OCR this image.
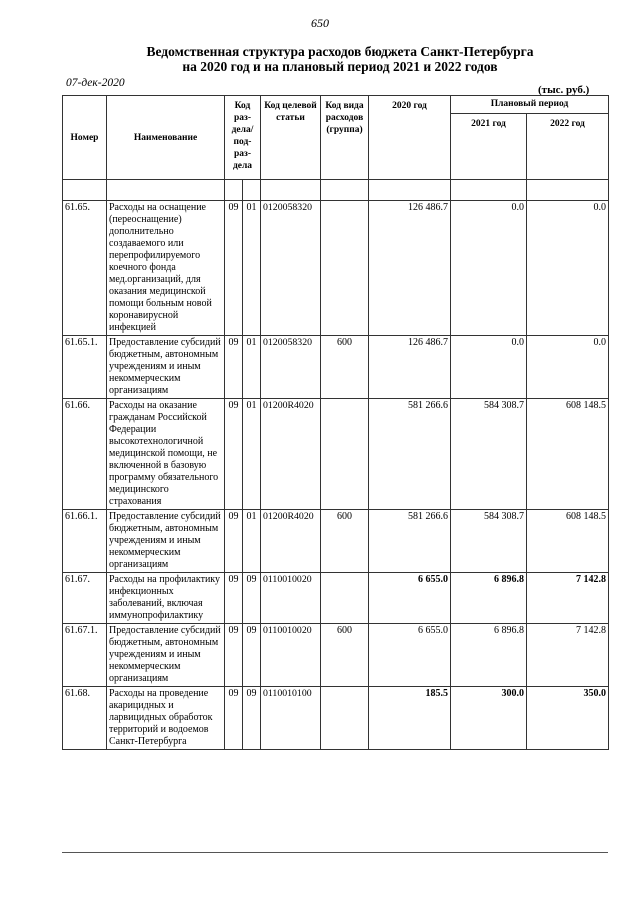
650
Ведомственная структура расходов бюджета Санкт-Петербурга
на 2020 год и на плановый период 2021 и 2022 годов
07-дек-2020
(тыс. руб.)
Номер	Наименование	Код раз-дела/ под-раз-дела		Код целевой статьи	Код вида расходов (группа)	2020 год	Плановый период	
							2021 год	2022 год

61.65.	Расходы на оснащение (переоснащение) дополнительно создаваемого или перепрофилируемого коечного фонда мед.организаций, для оказания медицинской помощи больным новой коронавирусной инфекцией	09	01	0120058320		126 486.7	0.0	0.0
61.65.1.	Предоставление субсидий бюджетным, автономным учреждениям и иным некоммерческим организациям	09	01	0120058320	600	126 486.7	0.0	0.0
61.66.	Расходы на оказание гражданам Российской Федерации высокотехнологичной медицинской помощи, не включенной в базовую программу обязательного медицинского страхования	09	01	01200R4020		581 266.6	584 308.7	608 148.5
61.66.1.	Предоставление субсидий бюджетным, автономным учреждениям и иным некоммерческим организациям	09	01	01200R4020	600	581 266.6	584 308.7	608 148.5
61.67.	Расходы на профилактику инфекционных заболеваний, включая иммунопрофилактику	09	09	0110010020		6 655.0	6 896.8	7 142.8
61.67.1.	Предоставление субсидий бюджетным, автономным учреждениям и иным некоммерческим организациям	09	09	0110010020	600	6 655.0	6 896.8	7 142.8
61.68.	Расходы на проведение акарицидных и ларвицидных обработок территорий и водоемов Санкт-Петербурга	09	09	0110010100		185.5	300.0	350.0
